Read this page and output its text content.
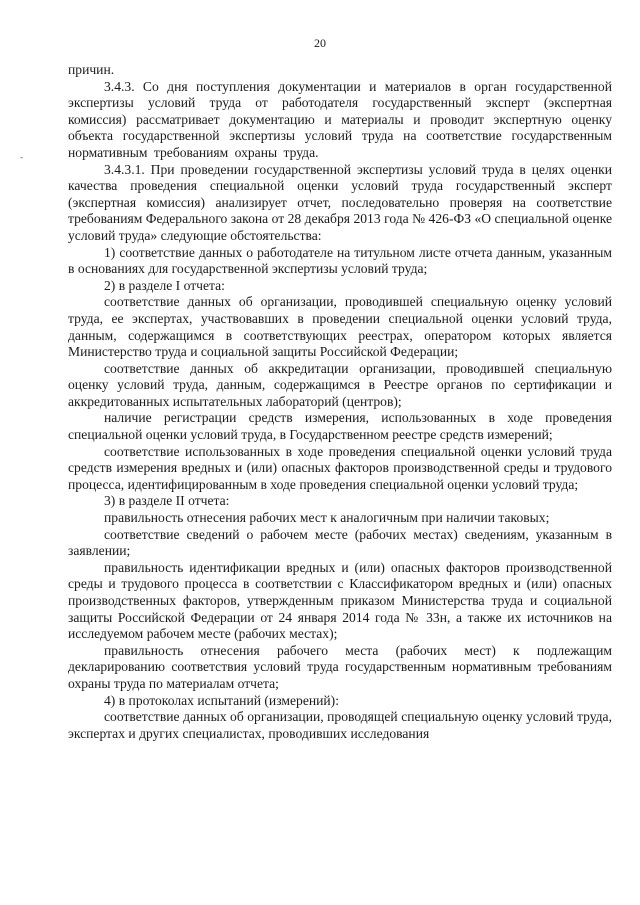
20
-

причин.

3.4.3. Со дня поступления документации и материалов в орган государственной экспертизы условий труда от работодателя государственный эксперт (экспертная комиссия) рассматривает документацию и материалы и проводит экспертную оценку объекта государственной экспертизы условий труда на соответствие государственным нормативным требованиям охраны труда.

3.4.3.1. При проведении государственной экспертизы условий труда в целях оценки качества проведения специальной оценки условий труда государственный эксперт (экспертная комиссия) анализирует отчет, последовательно проверяя на соответствие требованиям Федерального закона от 28 декабря 2013 года № 426-ФЗ «О специальной оценке условий труда» следующие обстоятельства:

1) соответствие данных о работодателе на титульном листе отчета данным, указанным в основаниях для государственной экспертизы условий труда;

2) в разделе I отчета:

соответствие данных об организации, проводившей специальную оценку условий труда, ее экспертах, участвовавших в проведении специальной оценки условий труда, данным, содержащимся в соответствующих реестрах, оператором которых является Министерство труда и социальной защиты Российской Федерации;

соответствие данных об аккредитации организации, проводившей специальную оценку условий труда, данным, содержащимся в Реестре органов по сертификации и аккредитованных испытательных лабораторий (центров);

наличие регистрации средств измерения, использованных в ходе проведения специальной оценки условий труда, в Государственном реестре средств измерений;

соответствие использованных в ходе проведения специальной оценки условий труда средств измерения вредных и (или) опасных факторов производственной среды и трудового процесса, идентифицированным в ходе проведения специальной оценки условий труда;

3) в разделе II отчета:

правильность отнесения рабочих мест к аналогичным при наличии таковых;

соответствие сведений о рабочем месте (рабочих местах) сведениям, указанным в заявлении;

правильность идентификации вредных и (или) опасных факторов производственной среды и трудового процесса в соответствии с Классификатором вредных и (или) опасных производственных факторов, утвержденным приказом Министерства труда и социальной защиты Российской Федерации от 24 января 2014 года № 33н, а также их источников на исследуемом рабочем месте (рабочих местах);

правильность отнесения рабочего места (рабочих мест) к подлежащим декларированию соответствия условий труда государственным нормативным требованиям охраны труда по материалам отчета;

4) в протоколах испытаний (измерений):

соответствие данных об организации, проводящей специальную оценку условий труда, экспертах и других специалистах, проводивших исследования
